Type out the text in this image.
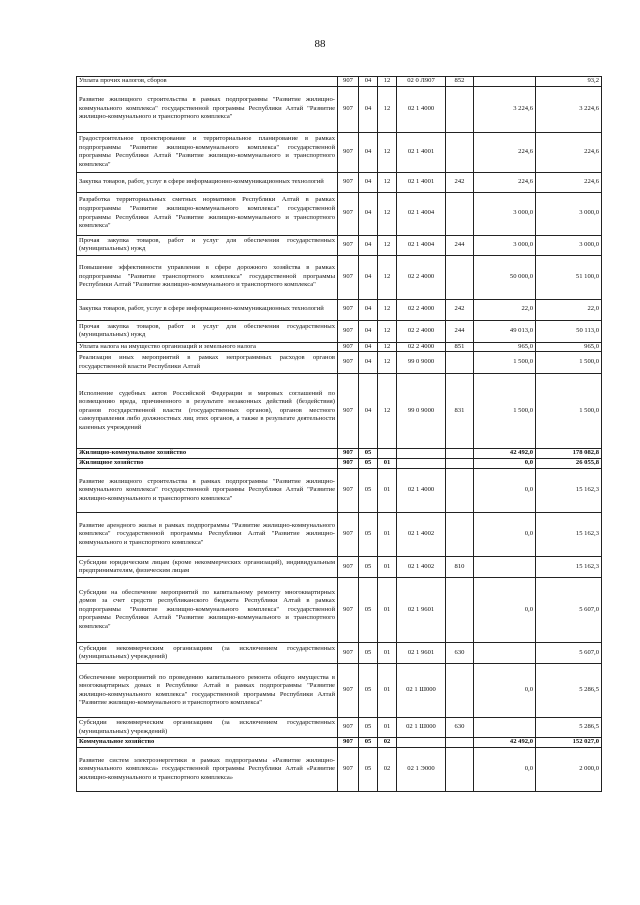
88
Уплата прочих налогов, сборов	907	04	12	02 0 Л907	852		93,2
Развитие жилищного строительства в рамках подпрограммы "Развитие жилищно-коммунального комплекса" государственной программы Республики Алтай "Развитие жилищно-коммунального и транспортного комплекса"	907	04	12	02 1 4000		3 224,6	3 224,6
Градостроительное проектирование и территориальное планирование в рамках подпрограммы "Развитие жилищно-коммунального комплекса" государственной программы Республики Алтай "Развитие жилищно-коммунального и транспортного комплекса"	907	04	12	02 1 4001		224,6	224,6
Закупка товаров, работ, услуг в сфере информационно-коммуникационных технологий	907	04	12	02 1 4001	242	224,6	224,6
Разработка территориальных сметных нормативов Республики Алтай в рамках подпрограммы "Развитие жилищно-коммунального комплекса" государственной программы Республики Алтай "Развитие жилищно-коммунального и транспортного комплекса"	907	04	12	02 1 4004		3 000,0	3 000,0
Прочая закупка товаров, работ и услуг для обеспечения государственных (муниципальных) нужд	907	04	12	02 1 4004	244	3 000,0	3 000,0
Повышение эффективности управления в сфере дорожного хозяйства в рамках подпрограммы "Развитие транспортного комплекса" государственной программы Республики Алтай "Развитие жилищно-коммунального и транспортного комплекса"	907	04	12	02 2 4000		50 000,0	51 100,0
Закупка товаров, работ, услуг в сфере информационно-коммуникационных технологий	907	04	12	02 2 4000	242	22,0	22,0
Прочая закупка товаров, работ и услуг для обеспечения государственных (муниципальных) нужд	907	04	12	02 2 4000	244	49 013,0	50 113,0
Уплата налога на имущество организаций и земельного налога	907	04	12	02 2 4000	851	965,0	965,0
Реализация иных мероприятий в рамках непрограммных расходов органов государственной власти Республики Алтай	907	04	12	99 0 9000		1 500,0	1 500,0
Исполнение судебных актов Российской Федерации и мировых соглашений по возмещению вреда, причиненного в результате незаконных действий (бездействия) органов государственной власти (государственных органов), органов местного самоуправления либо должностных лиц этих органов, а также в результате деятельности казенных учреждений	907	04	12	99 0 9000	831	1 500,0	1 500,0
Жилищно-коммунальное хозяйство	907	05				42 492,0	178 082,8
Жилищное хозяйство	907	05	01			0,0	26 055,8
Развитие жилищного строительства в рамках подпрограммы "Развитие жилищно-коммунального комплекса" государственной программы Республики Алтай "Развитие жилищно-коммунального и транспортного комплекса"	907	05	01	02 1 4000		0,0	15 162,3
Развитие арендного жилья в рамках подпрограммы "Развитие жилищно-коммунального комплекса" государственной программы Республики Алтай "Развитие жилищно-коммунального и транспортного комплекса"	907	05	01	02 1 4002		0,0	15 162,3
Субсидии юридическим лицам (кроме некоммерческих организаций), индивидуальным предпринимателям, физическим лицам	907	05	01	02 1 4002	810		15 162,3
Субсидии на обеспечение мероприятий по капитальному ремонту многоквартирных домов за счет средств республиканского бюджета Республики Алтай в рамках подпрограммы "Развитие жилищно-коммунального комплекса" государственной программы Республики Алтай "Развитие жилищно-коммунального и транспортного комплекса"	907	05	01	02 1 9601		0,0	5 607,0
Субсидии некоммерческим организациям (за исключением государственных (муниципальных) учреждений)	907	05	01	02 1 9601	630		5 607,0
Обеспечение мероприятий по проведению капитального ремонта общего имущества в многоквартирных домах в Республике Алтай в рамках подпрограммы "Развитие жилищно-коммунального комплекса" государственной программы Республики Алтай "Развитие жилищно-коммунального и транспортного комплекса"	907	05	01	02 1 Ш000		0,0	5 286,5
Субсидии некоммерческим организациям (за исключением государственных (муниципальных) учреждений)	907	05	01	02 1 Ш000	630		5 286,5
Коммунальное хозяйство	907	05	02			42 492,0	152 027,0
Развитие систем электроэнергетики в рамках подпрограммы «Развитие жилищно-коммунального комплекса» государственной программы Республики Алтай «Развитие жилищно-коммунального и транспортного комплекса»	907	05	02	02 1 Э000		0,0	2 000,0
